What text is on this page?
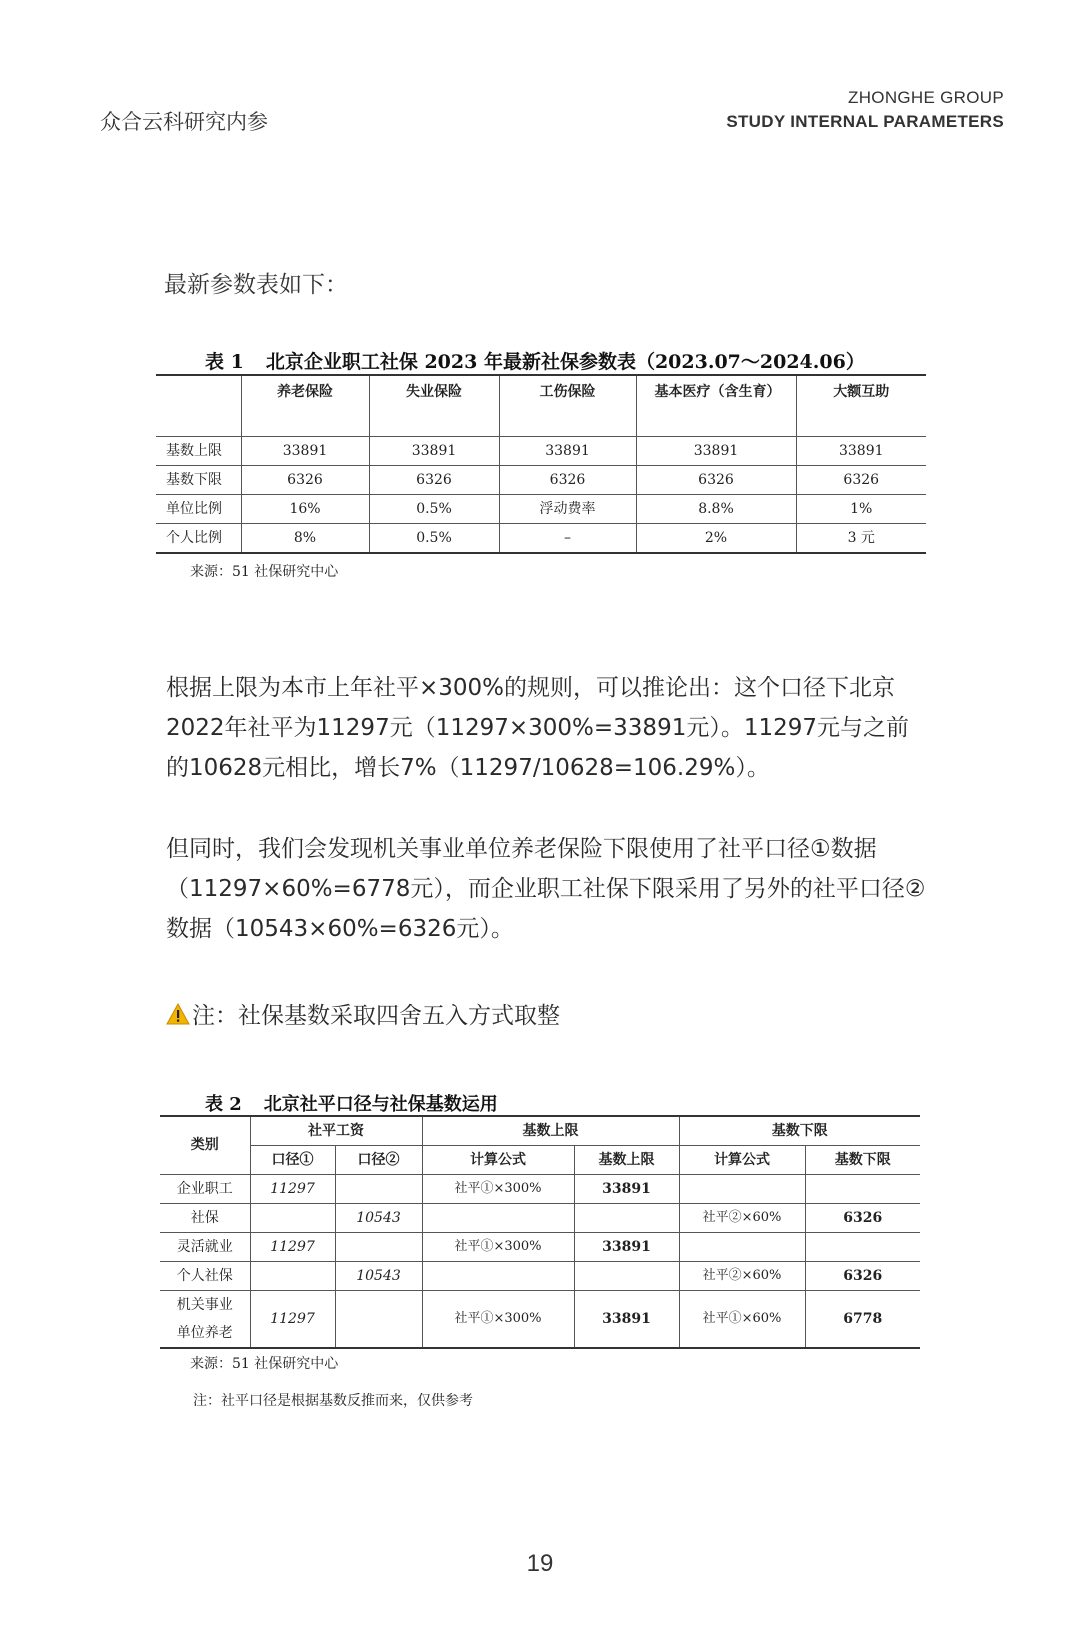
众合云科研究内参
ZHONGHE GROUP
STUDY INTERNAL PARAMETERS
最新参数表如下：
表 1 北京企业职工社保 2023 年最新社保参数表（2023.07～2024.06）
	养老保险	失业保险	工伤保险	基本医疗（含生育）	大额互助
基数上限	33891	33891	33891	33891	33891
基数下限	6326	6326	6326	6326	6326
单位比例	16%	0.5%	浮动费率	8.8%	1%
个人比例	8%	0.5%	–	2%	3 元
来源：51 社保研究中心
根据上限为本市上年社平×300%的规则，可以推论出：这个口径下北京2022年社平为11297元（11297×300%=33891元）。11297元与之前的10628元相比，增长7%（11297/10628=106.29%）。
但同时，我们会发现机关事业单位养老保险下限使用了社平口径①数据（11297×60%=6778元），而企业职工社保下限采用了另外的社平口径②数据（10543×60%=6326元）。
注：社保基数采取四舍五入方式取整
表 2 北京社平口径与社保基数运用
类别	社平工资		基数上限		基数下限	
	口径①	口径②	计算公式	基数上限	计算公式	基数下限
企业职工	11297		社平①×300%	33891		
社保		10543			社平②×60%	6326
灵活就业	11297		社平①×300%	33891		
个人社保		10543			社平②×60%	6326

机关事业
单位养老	11297		社平①×300%	33891	社平①×60%	6778
来源：51 社保研究中心
注：社平口径是根据基数反推而来，仅供参考
19
